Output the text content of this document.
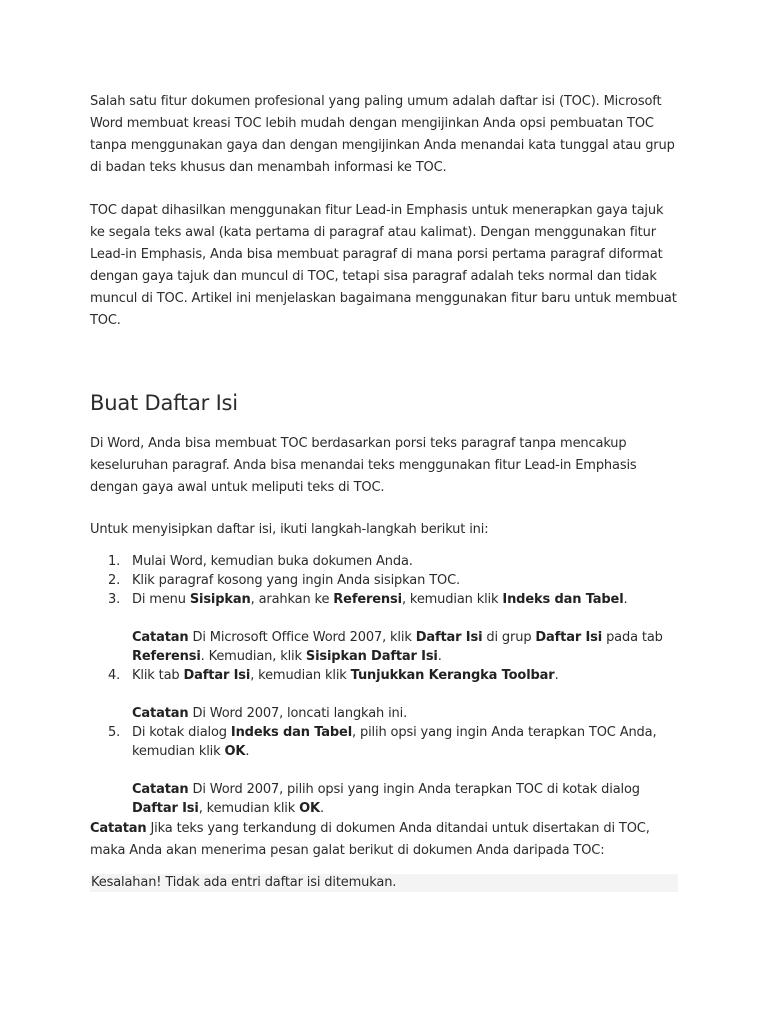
Salah satu fitur dokumen profesional yang paling umum adalah daftar isi (TOC). Microsoft Word membuat kreasi TOC lebih mudah dengan mengijinkan Anda opsi pembuatan TOC tanpa menggunakan gaya dan dengan mengijinkan Anda menandai kata tunggal atau grup di badan teks khusus dan menambah informasi ke TOC.

TOC dapat dihasilkan menggunakan fitur Lead-in Emphasis untuk menerapkan gaya tajuk ke segala teks awal (kata pertama di paragraf atau kalimat). Dengan menggunakan fitur Lead-in Emphasis, Anda bisa membuat paragraf di mana porsi pertama paragraf diformat dengan gaya tajuk dan muncul di TOC, tetapi sisa paragraf adalah teks normal dan tidak muncul di TOC. Artikel ini menjelaskan bagaimana menggunakan fitur baru untuk membuat TOC.

Buat Daftar Isi

Di Word, Anda bisa membuat TOC berdasarkan porsi teks paragraf tanpa mencakup keseluruhan paragraf. Anda bisa menandai teks menggunakan fitur Lead-in Emphasis dengan gaya awal untuk meliputi teks di TOC.

Untuk menyisipkan daftar isi, ikuti langkah-langkah berikut ini:

1. Mulai Word, kemudian buka dokumen Anda.
2. Klik paragraf kosong yang ingin Anda sisipkan TOC.
3. Di menu Sisipkan, arahkan ke Referensi, kemudian klik Indeks dan Tabel.
Catatan Di Microsoft Office Word 2007, klik Daftar Isi di grup Daftar Isi pada tab Referensi. Kemudian, klik Sisipkan Daftar Isi.
4. Klik tab Daftar Isi, kemudian klik Tunjukkan Kerangka Toolbar.
Catatan Di Word 2007, loncati langkah ini.
5. Di kotak dialog Indeks dan Tabel, pilih opsi yang ingin Anda terapkan TOC Anda, kemudian klik OK.
Catatan Di Word 2007, pilih opsi yang ingin Anda terapkan TOC di kotak dialog Daftar Isi, kemudian klik OK.

Catatan Jika teks yang terkandung di dokumen Anda ditandai untuk disertakan di TOC, maka Anda akan menerima pesan galat berikut di dokumen Anda daripada TOC:

Kesalahan! Tidak ada entri daftar isi ditemukan.
